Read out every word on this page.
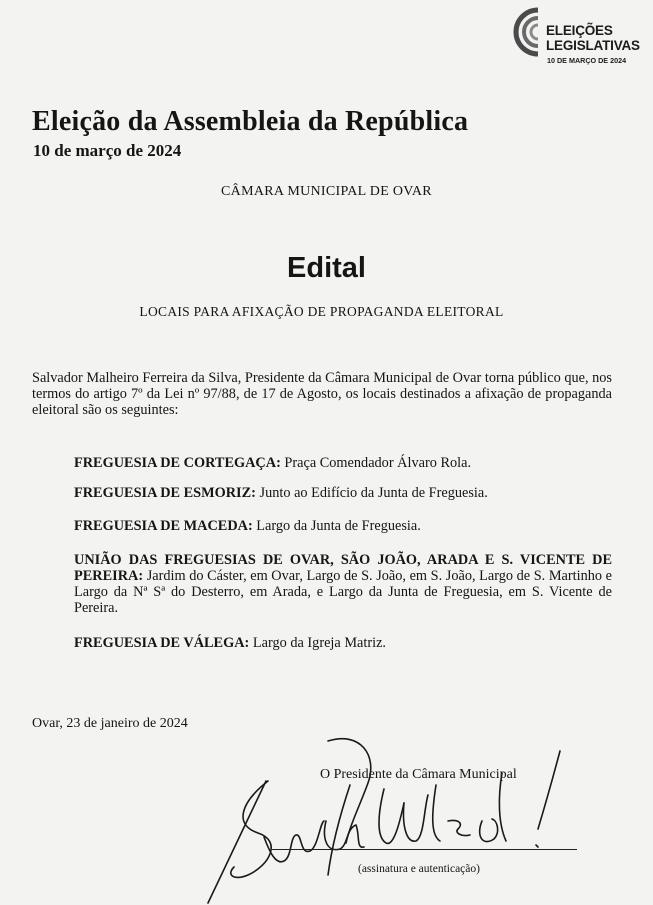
ELEIÇÕES
LEGISLATIVAS
10 DE MARÇO DE 2024
Eleição da Assembleia da República
10 de março de 2024
CÂMARA MUNICIPAL DE OVAR
Edital
LOCAIS PARA AFIXAÇÃO DE PROPAGANDA ELEITORAL

Salvador Malheiro Ferreira da Silva, Presidente da Câmara Municipal de Ovar torna público que, nos termos do artigo 7º da Lei nº 97/88, de 17 de Agosto, os locais destinados a afixação de propaganda eleitoral são os seguintes:

FREGUESIA DE CORTEGAÇA: Praça Comendador Álvaro Rola.

FREGUESIA DE ESMORIZ: Junto ao Edifício da Junta de Freguesia.

FREGUESIA DE MACEDA: Largo da Junta de Freguesia.

UNIÃO DAS FREGUESIAS DE OVAR, SÃO JOÃO, ARADA E S. VICENTE DE PEREIRA: Jardim do Cáster, em Ovar, Largo de S. João, em S. João, Largo de S. Martinho e Largo da Nª Sª do Desterro, em Arada, e Largo da Junta de Freguesia, em S. Vicente de Pereira.

FREGUESIA DE VÁLEGA: Largo da Igreja Matriz.

Ovar, 23 de janeiro de 2024
O Presidente da Câmara Municipal
(assinatura e autenticação)
